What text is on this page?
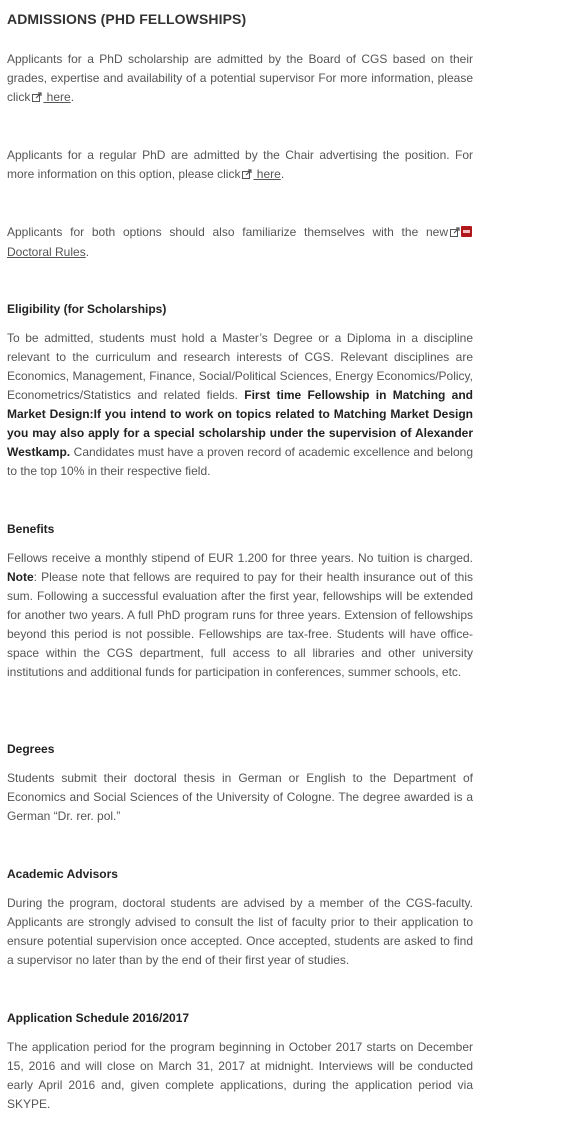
ADMISSIONS (PHD FELLOWSHIPS)
Applicants for a PhD scholarship are admitted by the Board of CGS based on their grades, expertise and availability of a potential supervisor For more information, please click here.
Applicants for a regular PhD are admitted by the Chair advertising the position. For more information on this option, please click here.
Applicants for both options should also familiarize themselves with the new Doctoral Rules.
Eligibility (for Scholarships)
To be admitted, students must hold a Master’s Degree or a Diploma in a discipline relevant to the curriculum and research interests of CGS. Relevant disciplines are Economics, Management, Finance, Social/Political Sciences, Energy Economics/Policy, Econometrics/Statistics and related fields. First time Fellowship in Matching and Market Design:If you intend to work on topics related to Matching Market Design you may also apply for a special scholarship under the supervision of Alexander Westkamp. Candidates must have a proven record of academic excellence and belong to the top 10% in their respective field.
Benefits
Fellows receive a monthly stipend of EUR 1.200 for three years. No tuition is charged. Note: Please note that fellows are required to pay for their health insurance out of this sum. Following a successful evaluation after the first year, fellowships will be extended for another two years. A full PhD program runs for three years. Extension of fellowships beyond this period is not possible. Fellowships are tax-free. Students will have office-space within the CGS department, full access to all libraries and other university institutions and additional funds for participation in conferences, summer schools, etc.
Degrees
Students submit their doctoral thesis in German or English to the Department of Economics and Social Sciences of the University of Cologne. The degree awarded is a German “Dr. rer. pol.”
Academic Advisors
During the program, doctoral students are advised by a member of the CGS-faculty. Applicants are strongly advised to consult the list of faculty prior to their application to ensure potential supervision once accepted. Once accepted, students are asked to find a supervisor no later than by the end of their first year of studies.
Application Schedule 2016/2017
The application period for the program beginning in October 2017 starts on December 15, 2016 and will close on March 31, 2017 at midnight. Interviews will be conducted early April 2016 and, given complete applications, during the application period via SKYPE.
